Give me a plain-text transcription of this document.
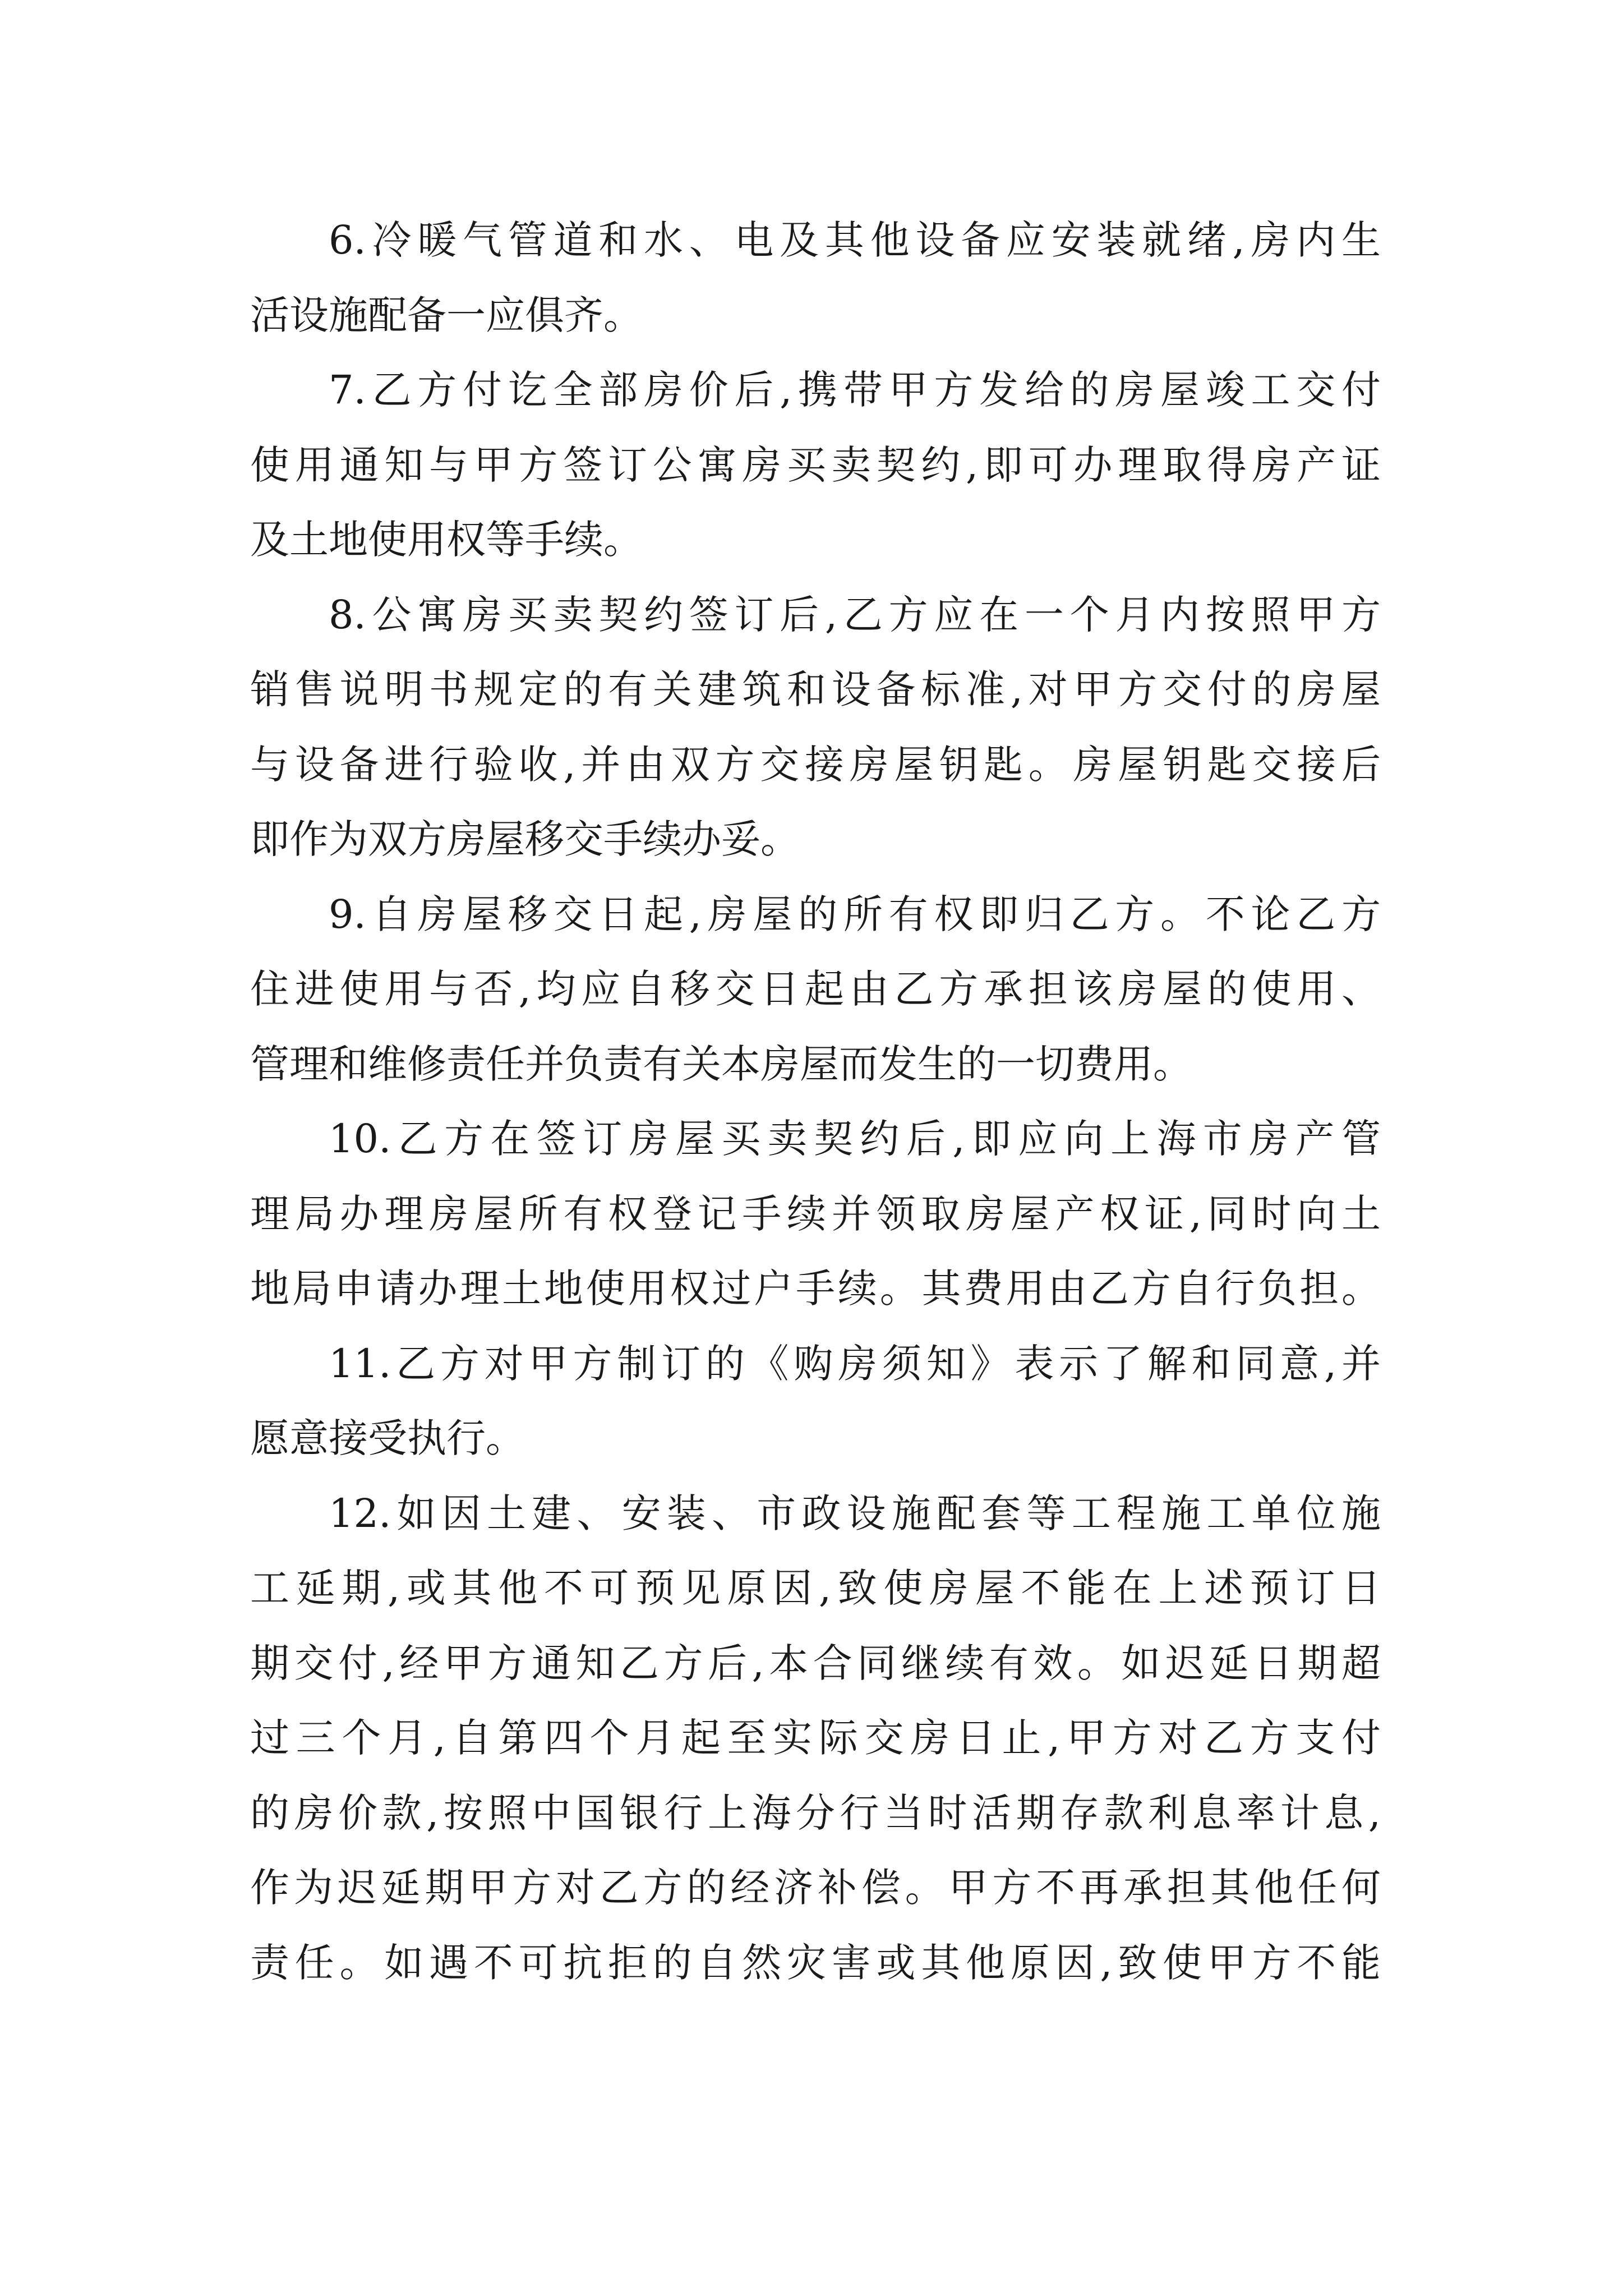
6.冷暖气管道和水、电及其他设备应安装就绪,房内生
活设施配备一应俱齐。
7.乙方付讫全部房价后,携带甲方发给的房屋竣工交付
使用通知与甲方签订公寓房买卖契约,即可办理取得房产证
及土地使用权等手续。
8.公寓房买卖契约签订后,乙方应在一个月内按照甲方
销售说明书规定的有关建筑和设备标准,对甲方交付的房屋
与设备进行验收,并由双方交接房屋钥匙。房屋钥匙交接后
即作为双方房屋移交手续办妥。
9.自房屋移交日起,房屋的所有权即归乙方。不论乙方
住进使用与否,均应自移交日起由乙方承担该房屋的使用、
管理和维修责任并负责有关本房屋而发生的一切费用。
10.乙方在签订房屋买卖契约后,即应向上海市房产管
理局办理房屋所有权登记手续并领取房屋产权证,同时向土
地局申请办理土地使用权过户手续。其费用由乙方自行负担。
11.乙方对甲方制订的《购房须知》表示了解和同意,并
愿意接受执行。
12.如因土建、安装、市政设施配套等工程施工单位施
工延期,或其他不可预见原因,致使房屋不能在上述预订日
期交付,经甲方通知乙方后,本合同继续有效。如迟延日期超
过三个月,自第四个月起至实际交房日止,甲方对乙方支付
的房价款,按照中国银行上海分行当时活期存款利息率计息,
作为迟延期甲方对乙方的经济补偿。甲方不再承担其他任何
责任。如遇不可抗拒的自然灾害或其他原因,致使甲方不能
